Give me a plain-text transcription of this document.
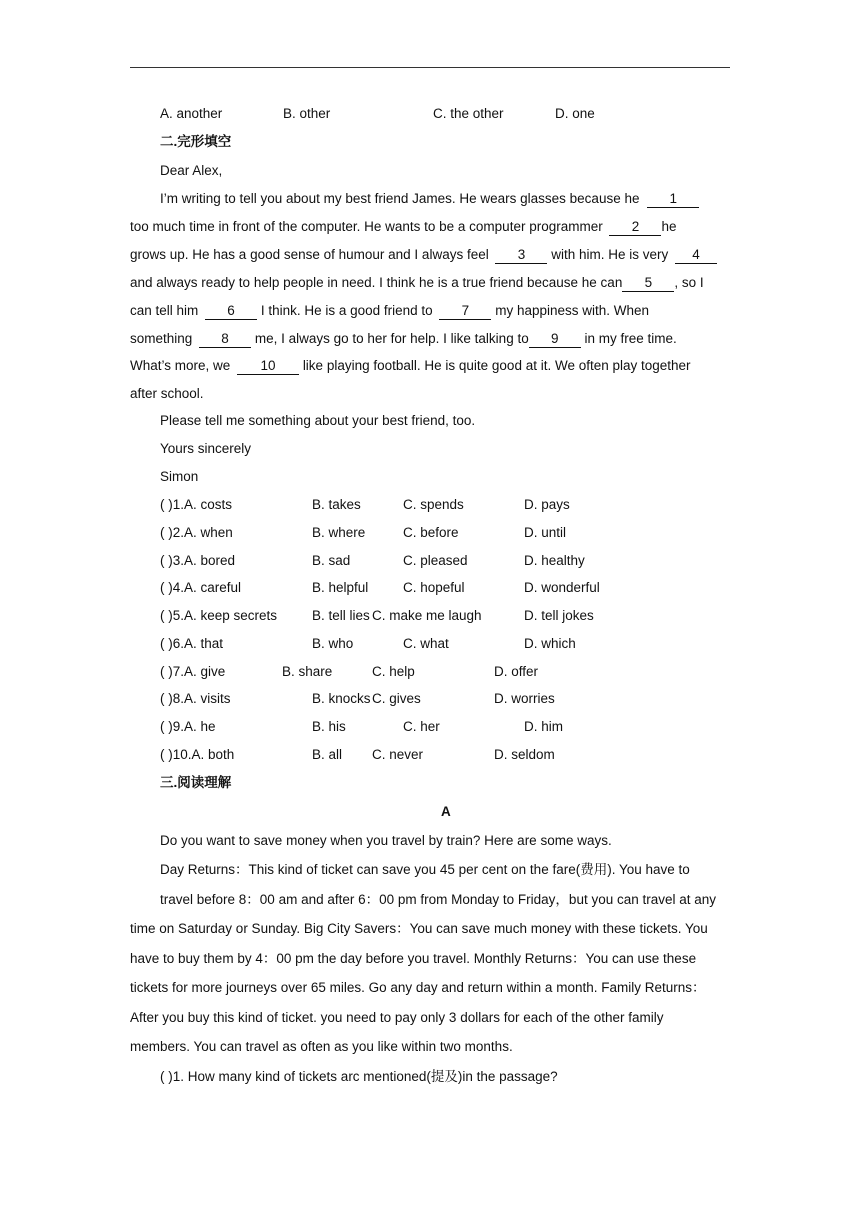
A. another	B. other	C. the other	D. one
二.完形填空
Dear Alex,
I’m writing to tell you about my best friend James. He wears glasses because he 1
too much time in front of the computer. He wants to be a computer programmer 2 he
grows up. He has a good sense of humour and I always feel 3 with him. He is very 4
and always ready to help people in need. I think he is a true friend because he can 5 , so I
can tell him 6 I think. He is a good friend to 7 my happiness with. When
something 8 me, I always go to her for help. I like talking to 9 in my free time.
What’s more, we 10 like playing football. He is quite good at it. We often play together
after school.
Please tell me something about your best friend, too.
Yours sincerely
Simon
( )1.A. costs	B. takes	C. spends	D. pays
( )2.A. when	B. where	C. before	D. until
( )3.A. bored	B. sad	C. pleased	D. healthy
( )4.A. careful	B. helpful	C. hopeful	D. wonderful
( )5.A. keep secrets	B. tell lies C. make me laugh	D. tell jokes
( )6.A. that	B. who	C. what	D. which
( )7.A. give	B. share	C. help	D. offer
( )8.A. visits	B. knocks C. gives	D. worries
( )9.A. he	B. his	C. her	D. him
( )10.A. both	B. all C. never	D. seldom
三.阅读理解
A
Do you want to save money when you travel by train? Here are some ways.
Day Returns：This kind of ticket can save you 45 per cent on the fare(费用). You have to
travel before 8：00 am and after 6：00 pm from Monday to Friday，but you can travel at any
time on Saturday or Sunday. Big City Savers：You can save much money with these tickets. You
have to buy them by 4：00 pm the day before you travel. Monthly Returns：You can use these
tickets for more journeys over 65 miles. Go any day and return within a month. Family Returns：
After you buy this kind of ticket. you need to pay only 3 dollars for each of the other family
members. You can travel as often as you like within two months.
( )1. How many kind of tickets arc mentioned(提及)in the passage?
